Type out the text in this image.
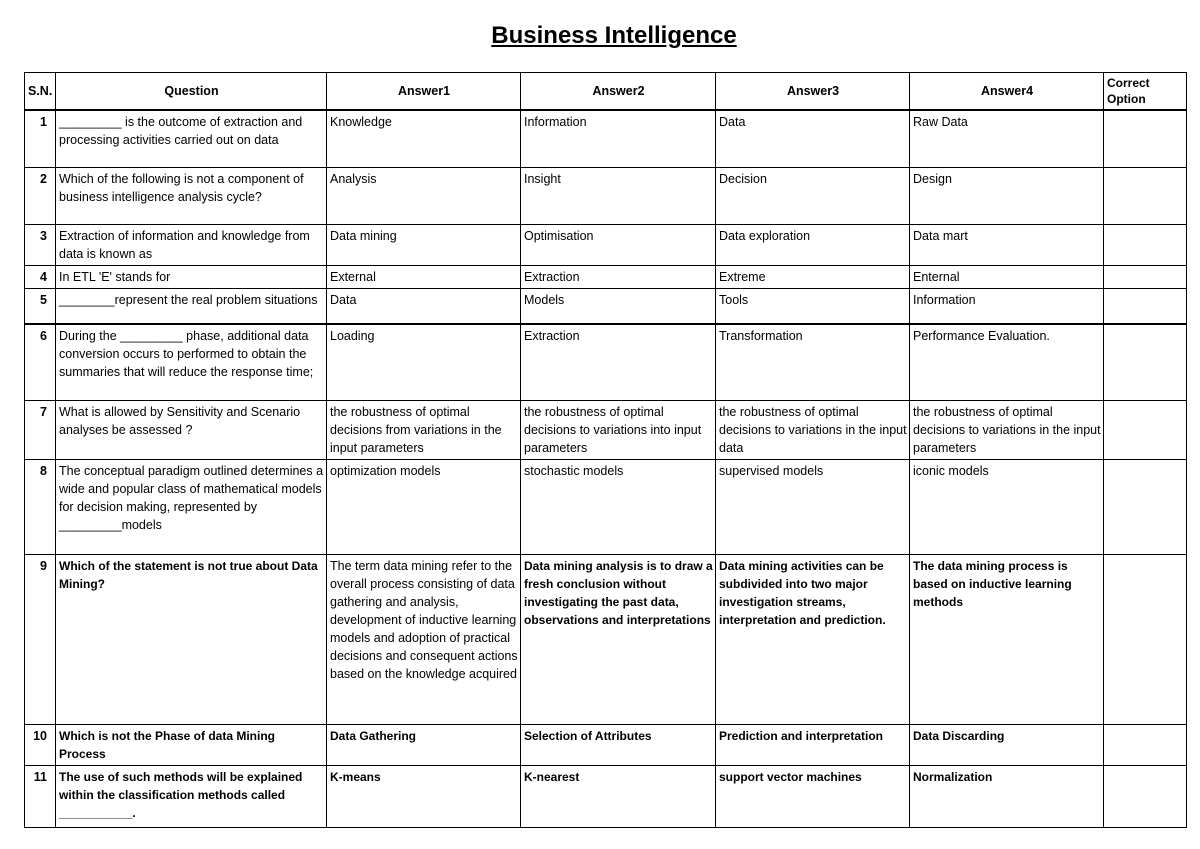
Business Intelligence
S.N.	Question	Answer1	Answer2	Answer3	Answer4	Correct Option
1	_________ is the outcome of extraction and processing activities carried out on data	Knowledge	Information	Data	Raw Data	
2	Which of the following is not a component of business intelligence analysis cycle?	Analysis	Insight	Decision	Design	
3	Extraction of information and knowledge from data is known as	Data mining	Optimisation	Data exploration	Data mart	
4	In ETL 'E' stands for	External	Extraction	Extreme	Enternal	
5	________represent the real problem situations	Data	Models	Tools	Information	
6	During the _________ phase, additional data conversion occurs to performed to obtain the summaries that will reduce the response time;	Loading	Extraction	Transformation	Performance Evaluation.	
7	What is allowed by Sensitivity and Scenario analyses be assessed ?	the robustness of optimal decisions from variations in the input parameters	the robustness of optimal decisions to variations into input parameters	the robustness of optimal decisions to variations in the input data	the robustness of optimal decisions to variations in the input parameters	
8	The conceptual paradigm outlined determines a wide and popular class of mathematical models for decision making, represented by _________models	optimization models	stochastic models	supervised models	iconic models	
9	Which of the statement is not true about Data Mining?	The term data mining refer to the overall process consisting of data gathering and analysis, development of inductive learning models and adoption of practical decisions and consequent actions based on the knowledge acquired	Data mining analysis is to draw a fresh conclusion without investigating the past data, observations and interpretations	Data mining activities can be subdivided into two major investigation streams, interpretation and prediction.	The data mining process is based on inductive learning methods	
10	Which is not the Phase of data Mining Process	Data Gathering	Selection of Attributes	Prediction and interpretation	Data Discarding	
11	The use of such methods will be explained within the classification methods called ___________.	K-means	K-nearest	support vector machines	Normalization	
